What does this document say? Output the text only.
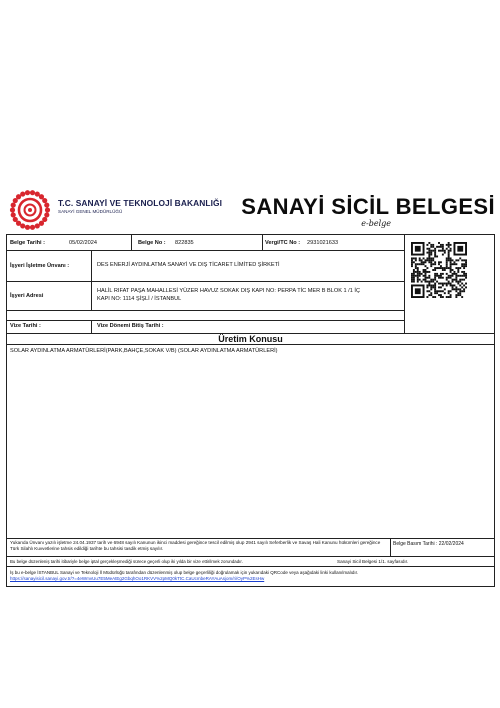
T.C. SANAYİ VE TEKNOLOJİ BAKANLIĞI
SANAYİ GENEL MÜDÜRLÜĞÜ	SANAYİ SİCİL BELGESİ
e-belge
Belge Tarihi :	05/02/2024	Belge No : 822835	Vergi/TC No : 2931021633
İşyeri İşletme Ünvanı :	DES ENERJİ AYDINLATMA SANAYİ VE DIŞ TİCARET LİMİTED ŞİRKETİ
İşyeri Adresi
HALİL RIFAT PAŞA MAHALLESİ YÜZER HAVUZ SOKAK DIŞ KAPI NO: PERPA TİC MER B BLOK 1 /1 İÇ
KAPI NO: 1114 ŞİŞLİ / İSTANBUL
Vize Tarihi :	Vize Dönemi Bitiş Tarihi :
Üretim Konusu
SOLAR AYDINLATMA ARMATÜRLERİ(PARK,BAHÇE,SOKAK V/B) (SOLAR AYDINLATMA ARMATÜRLERİ)
Yukarıda Ünvanı yazılı işletme 24.04.1937 tarih ve 6948 sayılı Kanunun ikinci maddesi gereğince tescil edilmiş olup 2941 sayılı Seferberlik ve Savaş Hali Kanunu hükümleri gereğince Türk Silahlı Kuvvetlerine tahsis edildiği tarihte bu tahsisi tasdik etmiş sayılır.
Belge Basım Tarihi : 22/02/2024
Bu belge düzenleniş tarihi itibariyle belge iptal gerçekleşmediği sürece geçerli olup iki yılda bir vize ettirilmek zorundadır.	Sanayi Sicil Belgesi 1/1. sayfasıdır.
İş bu e-belge İSTANBUL Sanayi ve Teknoloji İl Müdürlüğü tarafından düzenlenmiş olup belge geçerliliği doğrulamak için yukarıdaki QRCode veya aşağıdaki linki kullanılmalıdır.
https://sanayisicil.sanayi.gov.tr/?=4eWmvUu7E5MeAtEg2GbqhOo1RKVV%2pMQ0kTtC.CaUcmbeRAYAuAsjom/ri/OyP%2EsHw
